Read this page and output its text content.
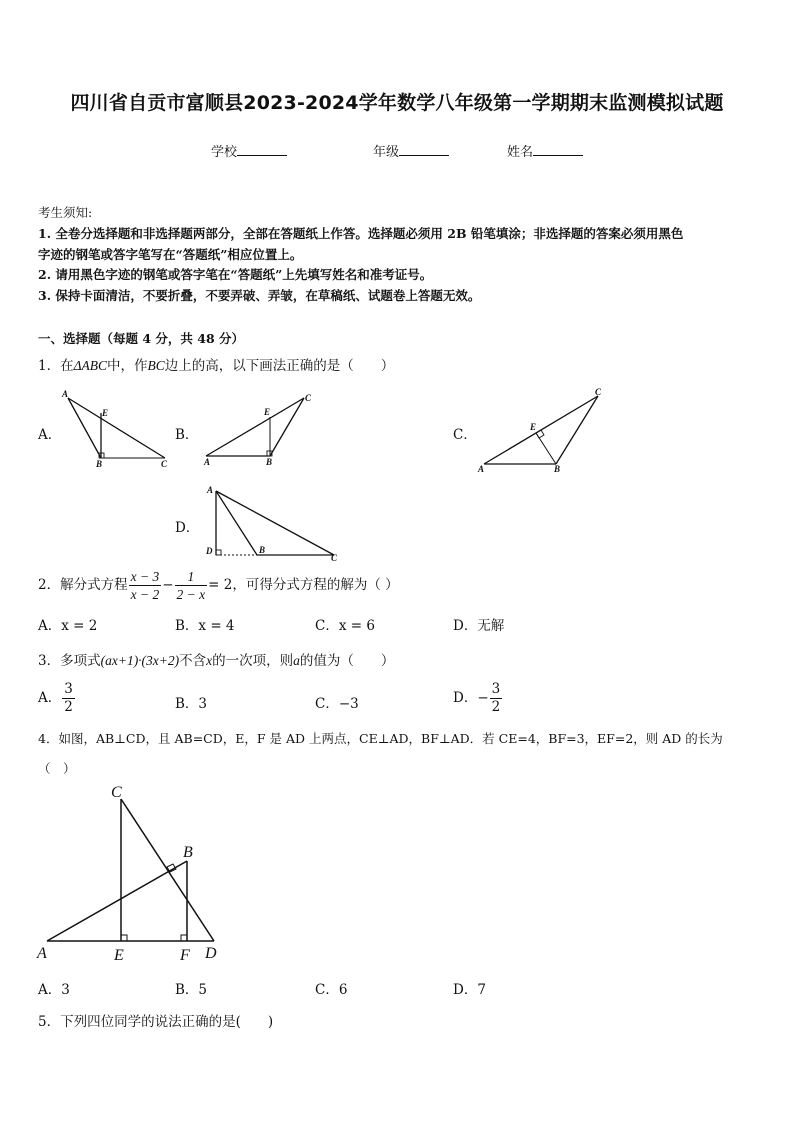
四川省自贡市富顺县2023-2024学年数学八年级第一学期期末监测模拟试题
学校	年级	姓名
考生须知:
1. 全卷分选择题和非选择题两部分，全部在答题纸上作答。选择题必须用 2B 铅笔填涂；非选择题的答案必须用黑色
字迹的钢笔或答字笔写在“答题纸”相应位置上。
2. 请用黑色字迹的钢笔或答字笔在“答题纸”上先填写姓名和准考证号。
3. 保持卡面清洁，不要折叠，不要弄破、弄皱，在草稿纸、试题卷上答题无效。
一、选择题（每题 4 分，共 48 分）
1．在ΔABC中，作BC边上的高，以下画法正确的是（　　）
A．	B．	C．
D．
A
E
B	C
C
E
A	B
C
E
A	B
A
D	B
C
2．解分式方程 $\frac{x - 3}{x - 2} - \frac{1}{2 - x} = 2$，可得分式方程的解为（ ）
A．x = 2	B．x = 4	C．x = 6	D．无解
3．多项式(ax+1)·(3x+2)不含x的一次项，则a的值为（　　）
A． $\frac{3}{2}$	B．3	C．−3	D．− $\frac{3}{2}$
4．如图，AB⊥CD，且 AB=CD，E，F 是 AD 上两点，CE⊥AD，BF⊥AD．若 CE=4，BF=3，EF=2，则 AD 的长为
（　）
C
B
A	E	F D
A．3	B．5	C．6	D．7
5．下列四位同学的说法正确的是(　　)
